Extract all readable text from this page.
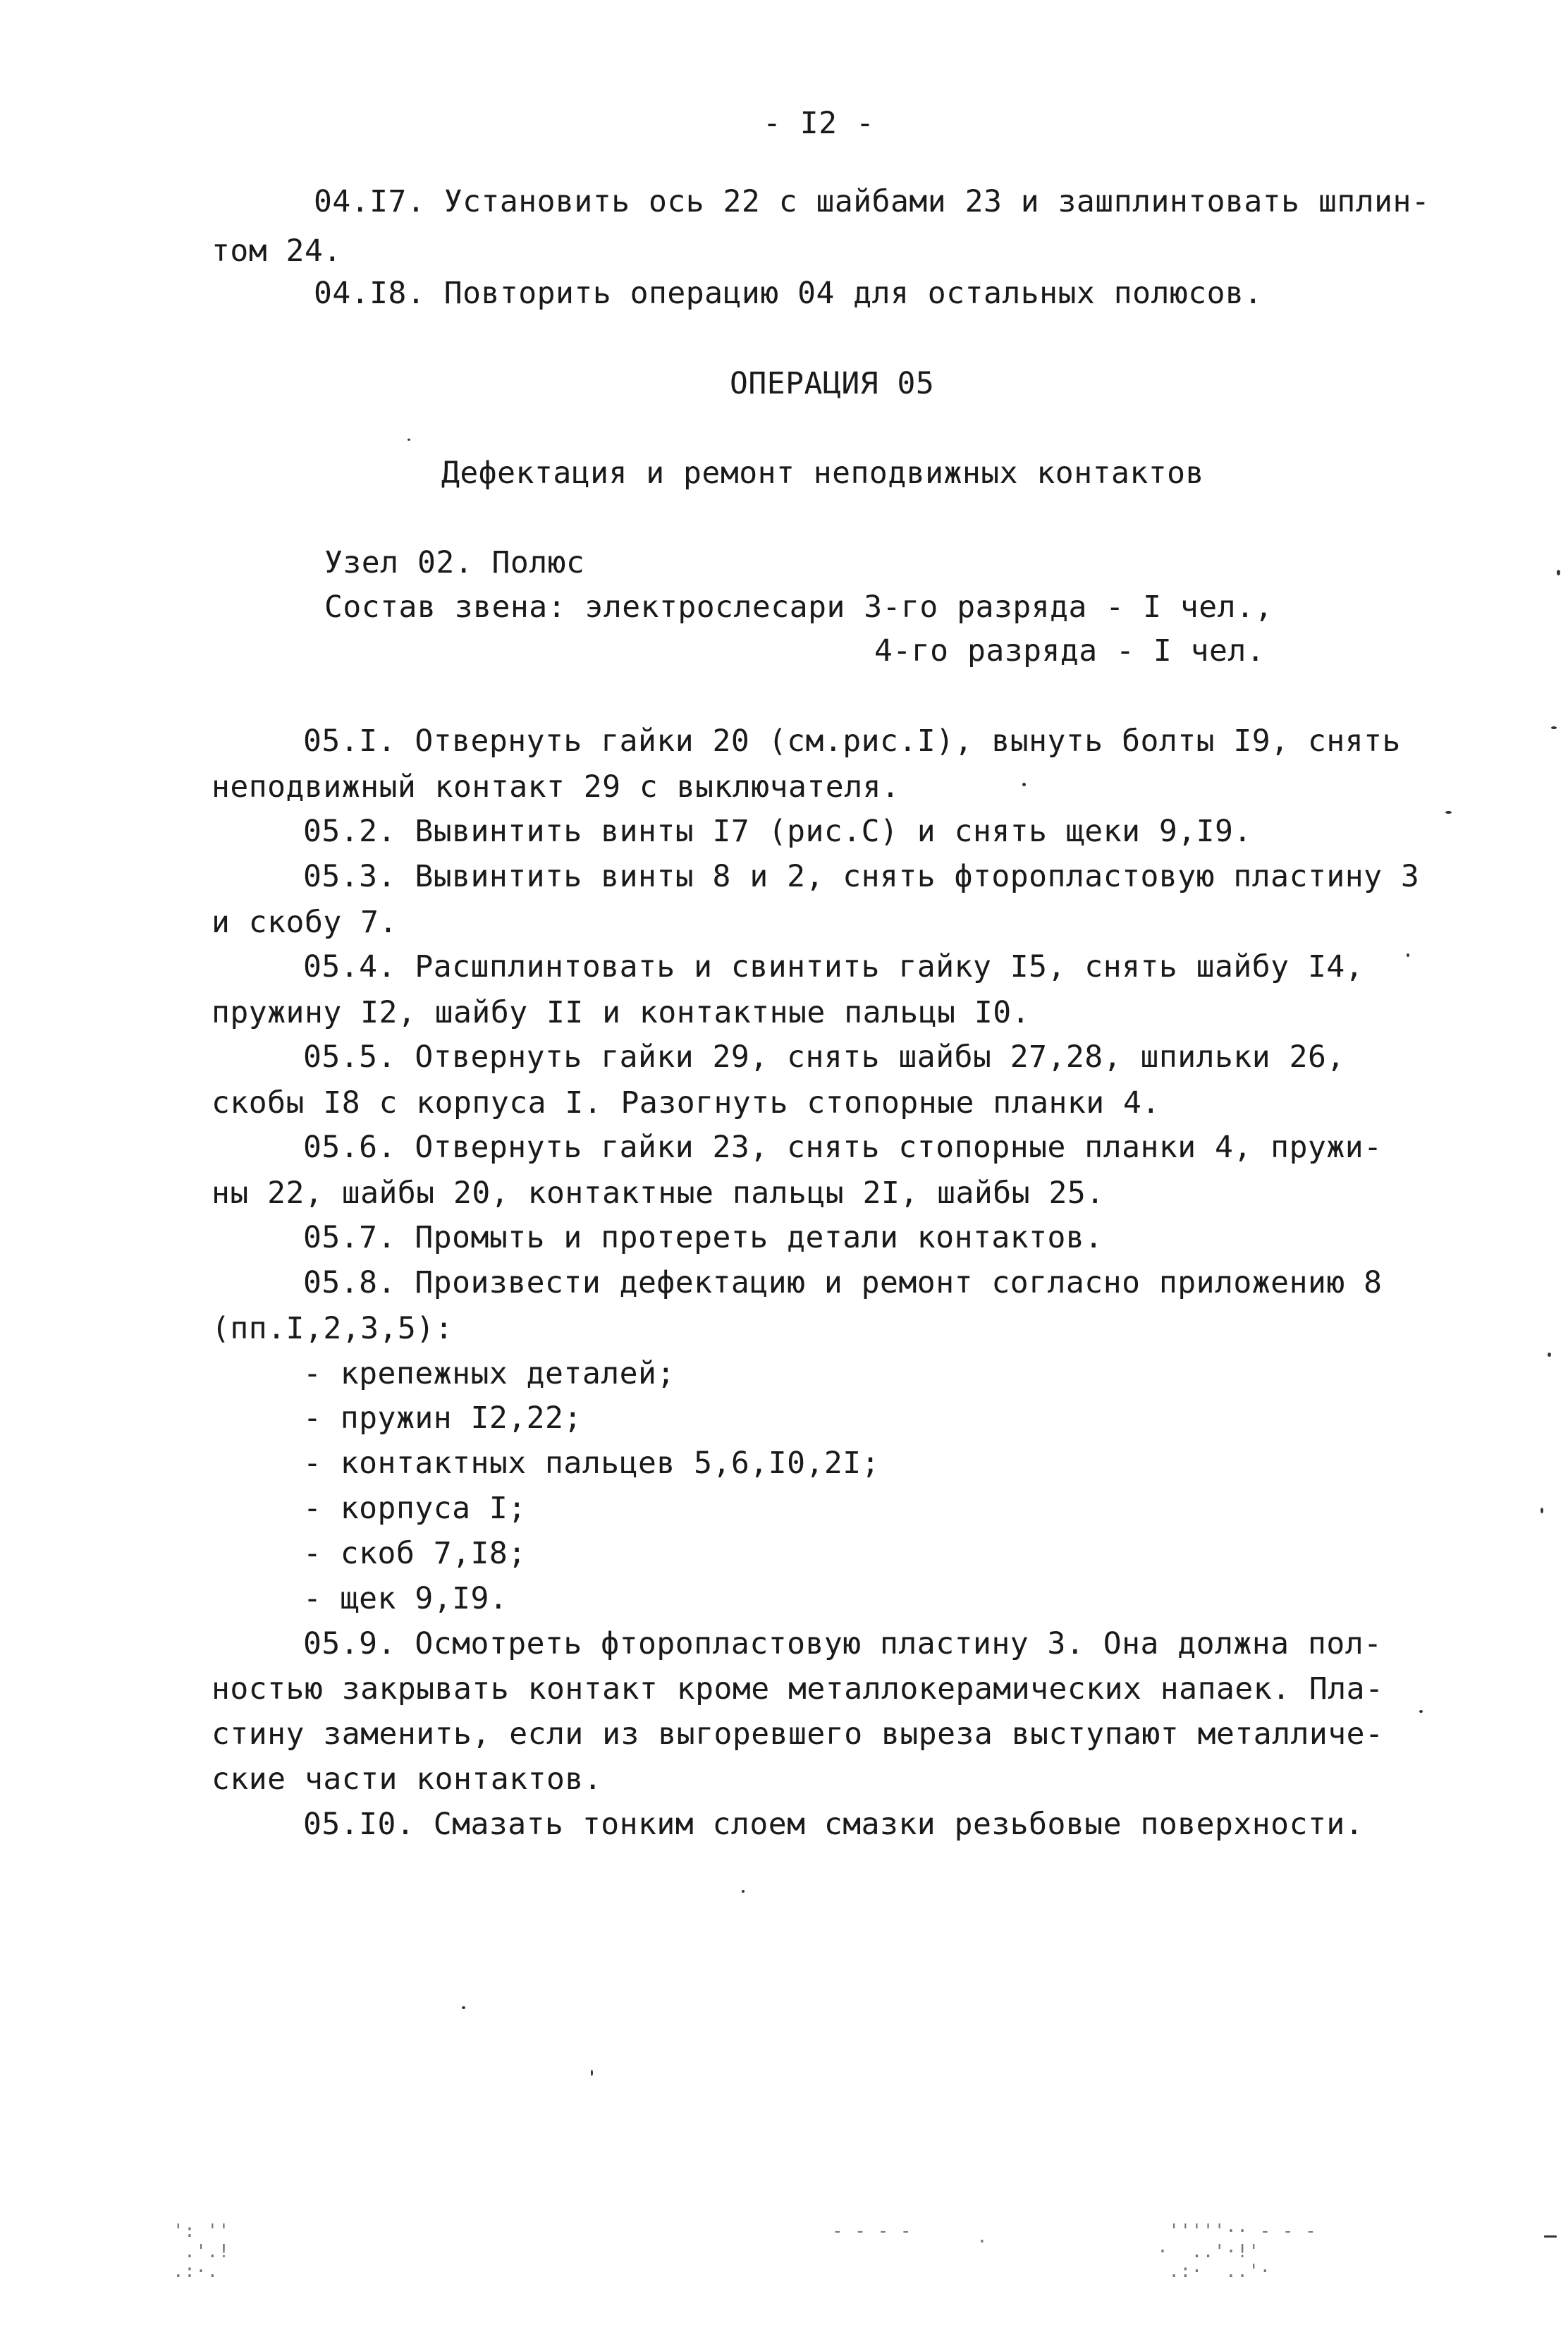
- I2 -
04.I7. Установить ось 22 с шайбами 23 и зашплинтовать шплин-
том 24.
04.I8. Повторить операцию 04 для остальных полюсов.
ОПЕРАЦИЯ 05
Дефектация и ремонт неподвижных контактов
Узел 02. Полюс
Состав звена: электрослесари 3-го разряда - I чел.,
4-го разряда - I чел.
05.I. Отвернуть гайки 20 (см.рис.I), вынуть болты I9, снять
неподвижный контакт 29 с выключателя.
05.2. Вывинтить винты I7 (рис.С) и снять щеки 9,I9.
05.3. Вывинтить винты 8 и 2, снять фторопластовую пластину 3
и скобу 7.
05.4. Расшплинтовать и свинтить гайку I5, снять шайбу I4,
пружину I2, шайбу II и контактные пальцы I0.
05.5. Отвернуть гайки 29, снять шайбы 27,28, шпильки 26,
скобы I8 с корпуса I. Разогнуть стопорные планки 4.
05.6. Отвернуть гайки 23, снять стопорные планки 4, пружи-
ны 22, шайбы 20, контактные пальцы 2I, шайбы 25.
05.7. Промыть и протереть детали контактов.
05.8. Произвести дефектацию и ремонт согласно приложению 8
(пп.I,2,3,5):
- крепежных деталей;
- пружин I2,22;
- контактных пальцев 5,6,I0,2I;
- корпуса I;
- скоб 7,I8;
- щек 9,I9.
05.9. Осмотреть фторопластовую пластину 3. Она должна пол-
ностью закрывать контакт кроме металлокерамических напаек. Пла-
стину заменить, если из выгоревшего выреза выступают металличе-
ские части контактов.
05.I0. Смазать тонким слоем смазки резьбовые поверхности.
': ''
.'.!
.:·.
- - - -	·	'''''·· - - -
·  ..'·!'
.:·  ..'·
